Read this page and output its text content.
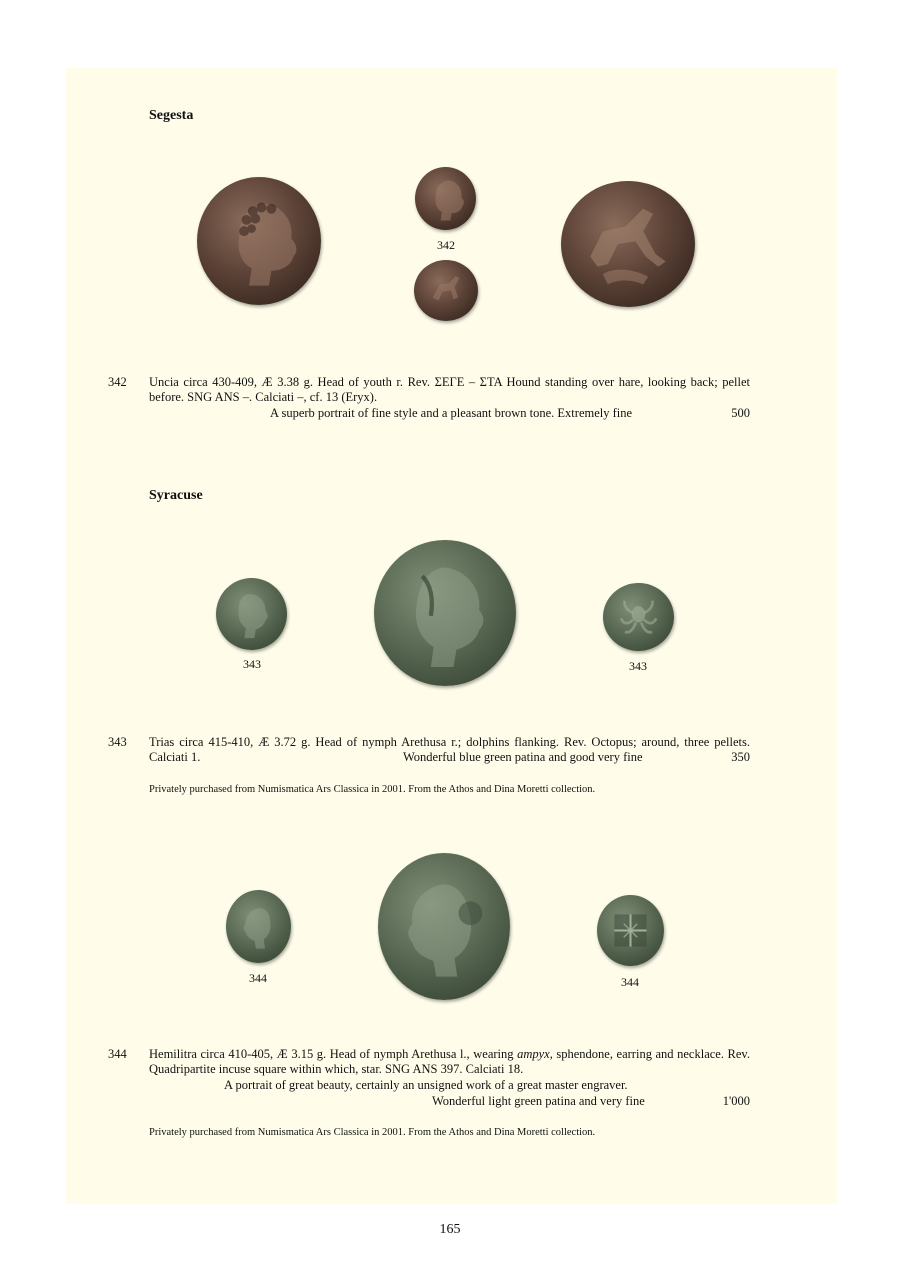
Segesta
342
342 Uncia circa 430-409, Æ 3.38 g. Head of youth r. Rev. ΣΕΓΕ – ΣΤΑ Hound standing over hare, looking back; pellet before. SNG ANS –. Calciati –, cf. 13 (Eryx).
A superb portrait of fine style and a pleasant brown tone. Extremely fine	500
Syracuse
343	343
343 Trias circa 415-410, Æ 3.72 g. Head of nymph Arethusa r.; dolphins flanking. Rev. Octopus; around, three pellets. Calciati 1.	Wonderful blue green patina and good very fine	350
Privately purchased from Numismatica Ars Classica in 2001. From the Athos and Dina Moretti collection.
344	344
344 Hemilitra circa 410-405, Æ 3.15 g. Head of nymph Arethusa l., wearing ampyx, sphendone, earring and necklace. Rev. Quadripartite incuse square within which, star. SNG ANS 397. Calciati 18.
A portrait of great beauty, certainly an unsigned work of a great master engraver.
Wonderful light green patina and very fine	1'000
Privately purchased from Numismatica Ars Classica in 2001. From the Athos and Dina Moretti collection.
165
